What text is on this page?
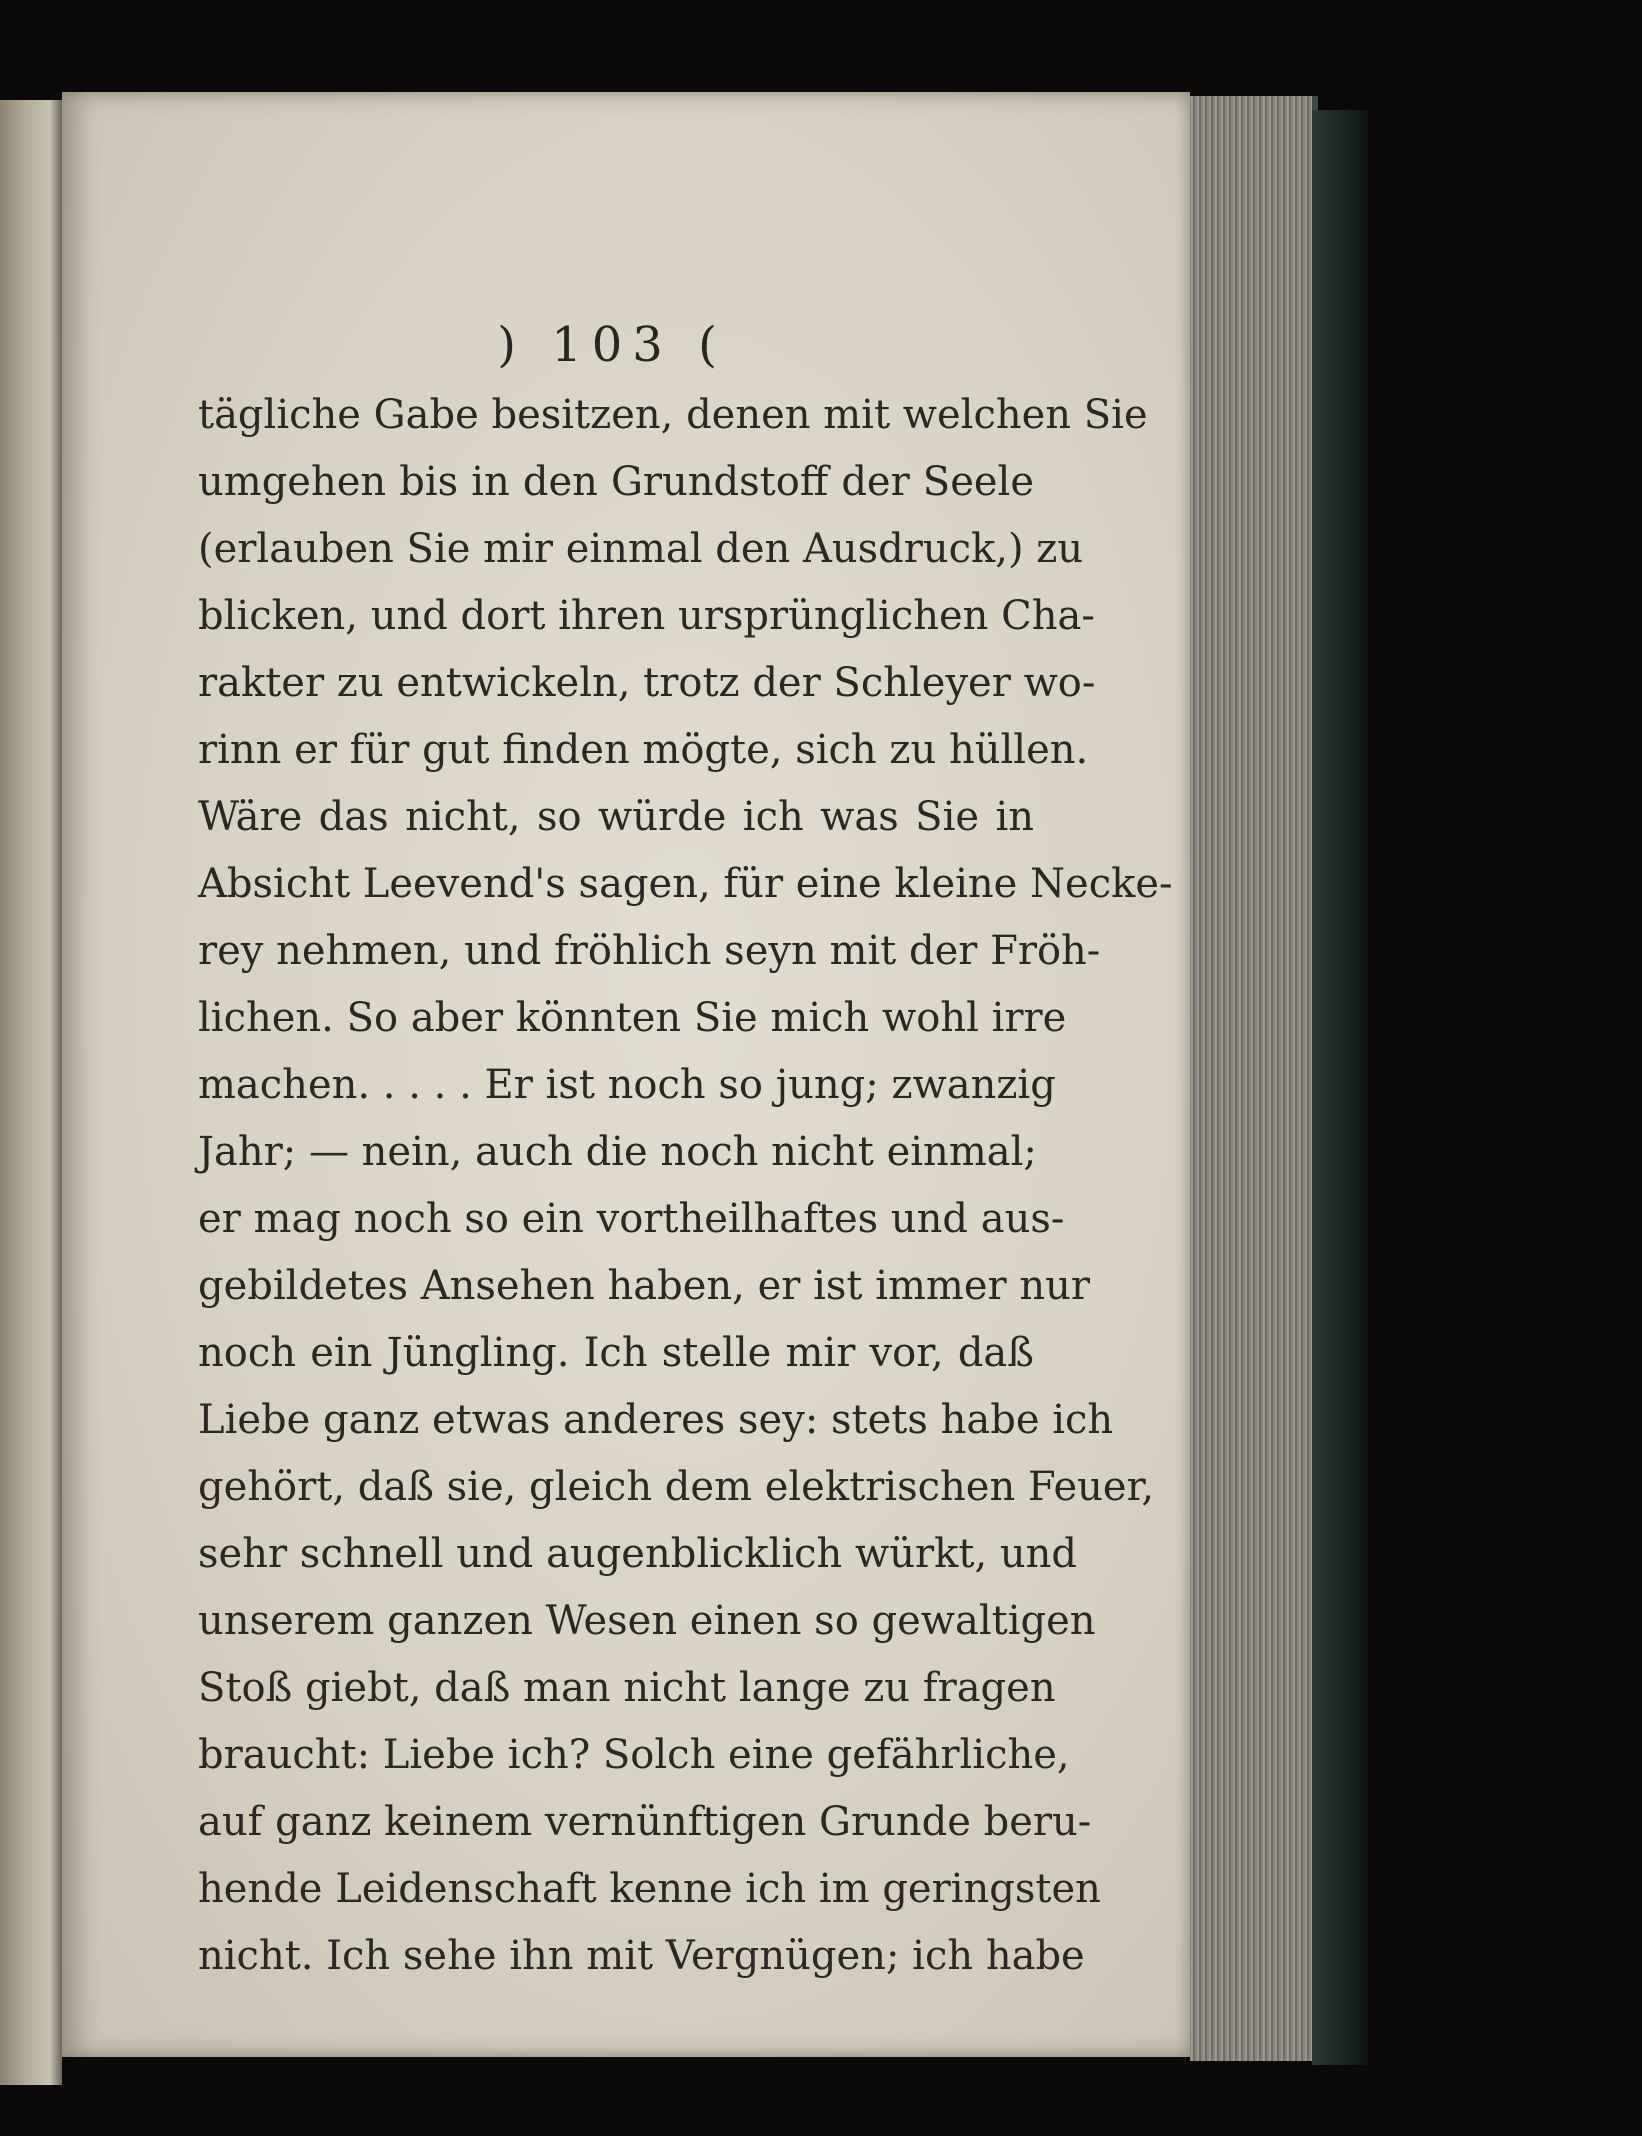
) 103 (
tägliche Gabe besitzen, denen mit welchen Sie
umgehen bis in den Grundstoff der Seele
(erlauben Sie mir einmal den Ausdruck,) zu
blicken, und dort ihren ursprünglichen Cha-
rakter zu entwickeln, trotz der Schleyer wo-
rinn er für gut finden mögte, sich zu hüllen.
Wäre das nicht, so würde ich was Sie in
Absicht Leevend's sagen, für eine kleine Necke-
rey nehmen, und fröhlich seyn mit der Fröh-
lichen. So aber könnten Sie mich wohl irre
machen. . . . . Er ist noch so jung; zwanzig
Jahr; — nein, auch die noch nicht einmal;
er mag noch so ein vortheilhaftes und aus-
gebildetes Ansehen haben, er ist immer nur
noch ein Jüngling. Ich stelle mir vor, daß
Liebe ganz etwas anderes sey: stets habe ich
gehört, daß sie, gleich dem elektrischen Feuer,
sehr schnell und augenblicklich würkt, und
unserem ganzen Wesen einen so gewaltigen
Stoß giebt, daß man nicht lange zu fragen
braucht: Liebe ich? Solch eine gefährliche,
auf ganz keinem vernünftigen Grunde beru-
hende Leidenschaft kenne ich im geringsten
nicht. Ich sehe ihn mit Vergnügen; ich habe
